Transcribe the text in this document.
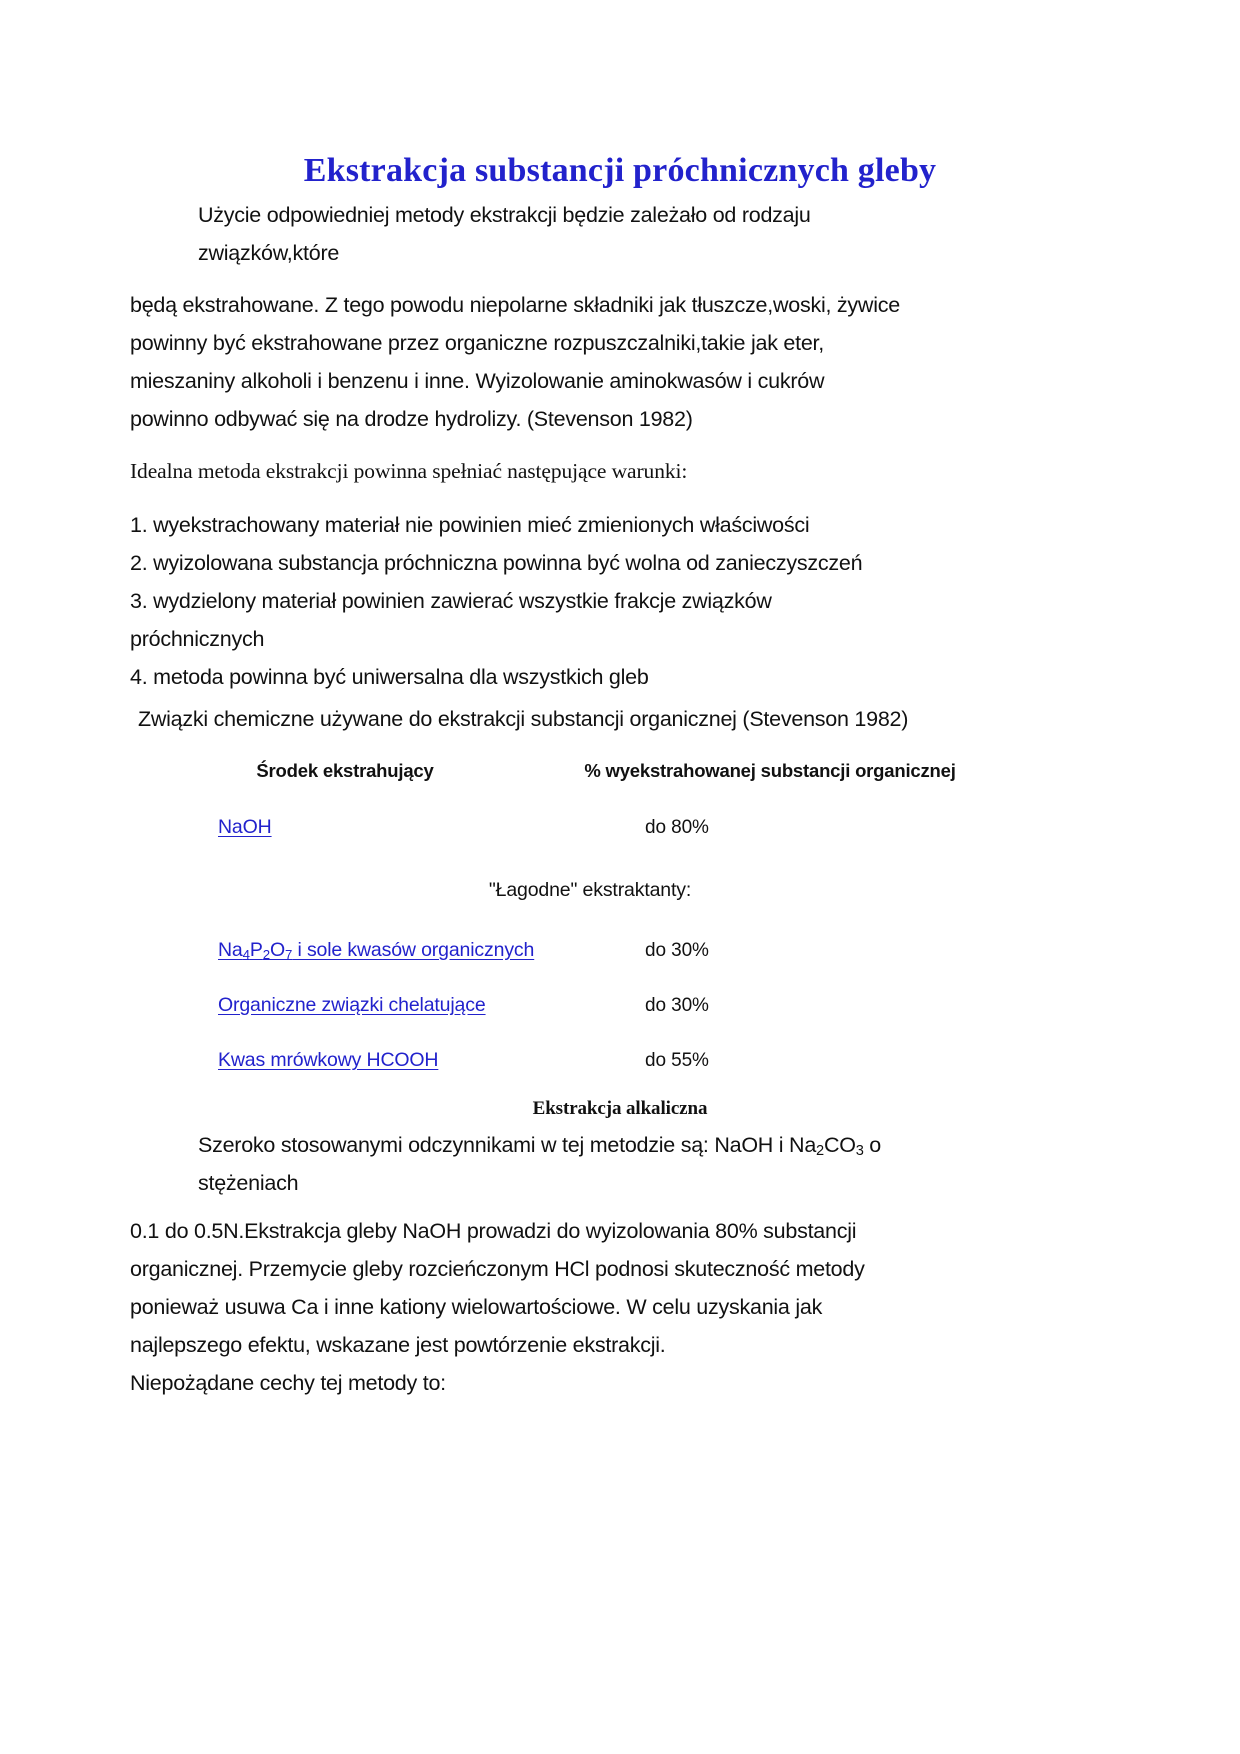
Ekstrakcja substancji próchnicznych gleby
Użycie odpowiedniej metody ekstrakcji będzie zależało od rodzaju
związków,które
będą ekstrahowane. Z tego powodu niepolarne składniki jak tłuszcze,woski, żywice
powinny być ekstrahowane przez organiczne rozpuszczalniki,takie jak eter,
mieszaniny alkoholi i benzenu i inne. Wyizolowanie aminokwasów i cukrów
powinno odbywać się na drodze hydrolizy. (Stevenson 1982)
Idealna metoda ekstrakcji powinna spełniać następujące warunki:
1. wyekstrachowany materiał nie powinien mieć zmienionych właściwości
2. wyizolowana substancja próchniczna powinna być wolna od zanieczyszczeń
3. wydzielony materiał powinien zawierać wszystkie frakcje związków
próchnicznych
4. metoda powinna być uniwersalna dla wszystkich gleb
Związki chemiczne używane do ekstrakcji substancji organicznej (Stevenson 1982)
Środek ekstrahujący	% wyekstrahowanej substancji organicznej
NaOH	do 80%
"Łagodne" ekstraktanty:
$Na_4P_2O_7$ i sole kwasów organicznych	do 30%
Organiczne związki chelatujące	do 30%
Kwas mrówkowy HCOOH	do 55%
Ekstrakcja alkaliczna
Szeroko stosowanymi odczynnikami w tej metodzie są: NaOH i $Na_2CO_3$ o
stężeniach
0.1 do 0.5N.Ekstrakcja gleby NaOH prowadzi do wyizolowania 80% substancji
organicznej. Przemycie gleby rozcieńczonym HCl podnosi skuteczność metody
ponieważ usuwa Ca i inne kationy wielowartościowe. W celu uzyskania jak
najlepszego efektu, wskazane jest powtórzenie ekstrakcji.
Niepożądane cechy tej metody to:
